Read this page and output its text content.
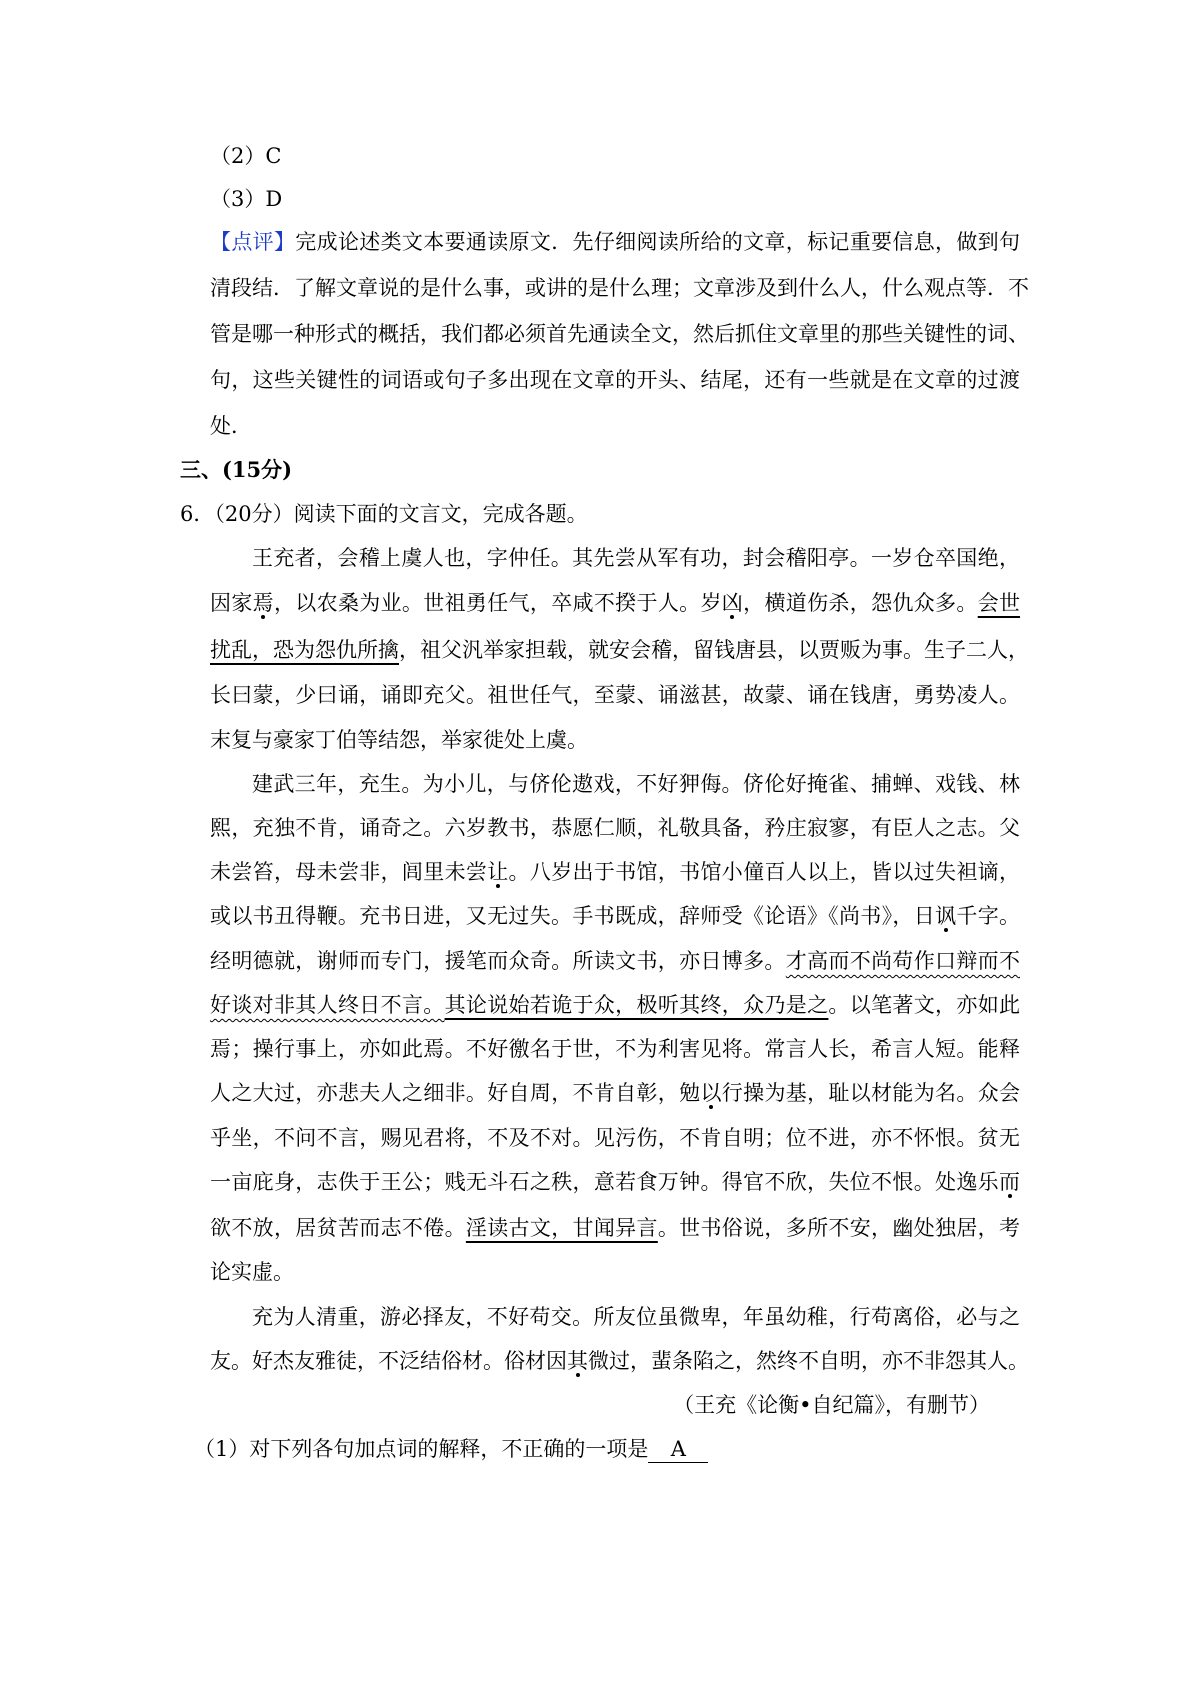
（2）C

（3）D

【点评】完成论述类文本要通读原文．先仔细阅读所给的文章，标记重要信息，做到句

清段结．了解文章说的是什么事，或讲的是什么理；文章涉及到什么人，什么观点等．不

管是哪一种形式的概括，我们都必须首先通读全文，然后抓住文章里的那些关键性的词、

句，这些关键性的词语或句子多出现在文章的开头、结尾，还有一些就是在文章的过渡

处．

三、(15分)

6．（20分）阅读下面的文言文，完成各题。

王充者，会稽上虞人也，字仲任。其先尝从军有功，封会稽阳亭。一岁仓卒国绝，

因家焉，以农桑为业。世祖勇任气，卒咸不揆于人。岁凶，横道伤杀，怨仇众多。会世

扰乱，恐为怨仇所擒，祖父汎举家担载，就安会稽，留钱唐县，以贾贩为事。生子二人，

长曰蒙，少曰诵，诵即充父。祖世任气，至蒙、诵滋甚，故蒙、诵在钱唐，勇势凌人。

末复与豪家丁伯等结怨，举家徙处上虞。

建武三年，充生。为小儿，与侪伦遨戏，不好狎侮。侪伦好掩雀、捕蝉、戏钱、林

熙，充独不肯，诵奇之。六岁教书，恭愿仁顺，礼敬具备，矜庄寂寥，有臣人之志。父

未尝笞，母未尝非，闾里未尝让。八岁出于书馆，书馆小僮百人以上，皆以过失袒谪，

或以书丑得鞭。充书日进，又无过失。手书既成，辞师受《论语》《尚书》，日讽千字。

经明德就，谢师而专门，援笔而众奇。所读文书，亦日博多。才高而不尚苟作口辩而不

好谈对非其人终日不言。其论说始若诡于众，极听其终，众乃是之。以笔著文，亦如此

焉；操行事上，亦如此焉。不好徼名于世，不为利害见将。常言人长，希言人短。能释

人之大过，亦悲夫人之细非。好自周，不肯自彰，勉以行操为基，耻以材能为名。众会

乎坐，不问不言，赐见君将，不及不对。见污伤，不肯自明；位不进，亦不怀恨。贫无

一亩庇身，志佚于王公；贱无斗石之秩，意若食万钟。得官不欣，失位不恨。处逸乐而

欲不放，居贫苦而志不倦。淫读古文，甘闻异言。世书俗说，多所不安，幽处独居，考

论实虚。

充为人清重，游必择友，不好苟交。所友位虽微卑，年虽幼稚，行苟离俗，必与之

友。好杰友雅徒，不泛结俗材。俗材因其微过，蜚条陷之，然终不自明，亦不非怨其人。

（王充《论衡•自纪篇》，有删节）

（1）对下列各句加点词的解释，不正确的一项是 A
